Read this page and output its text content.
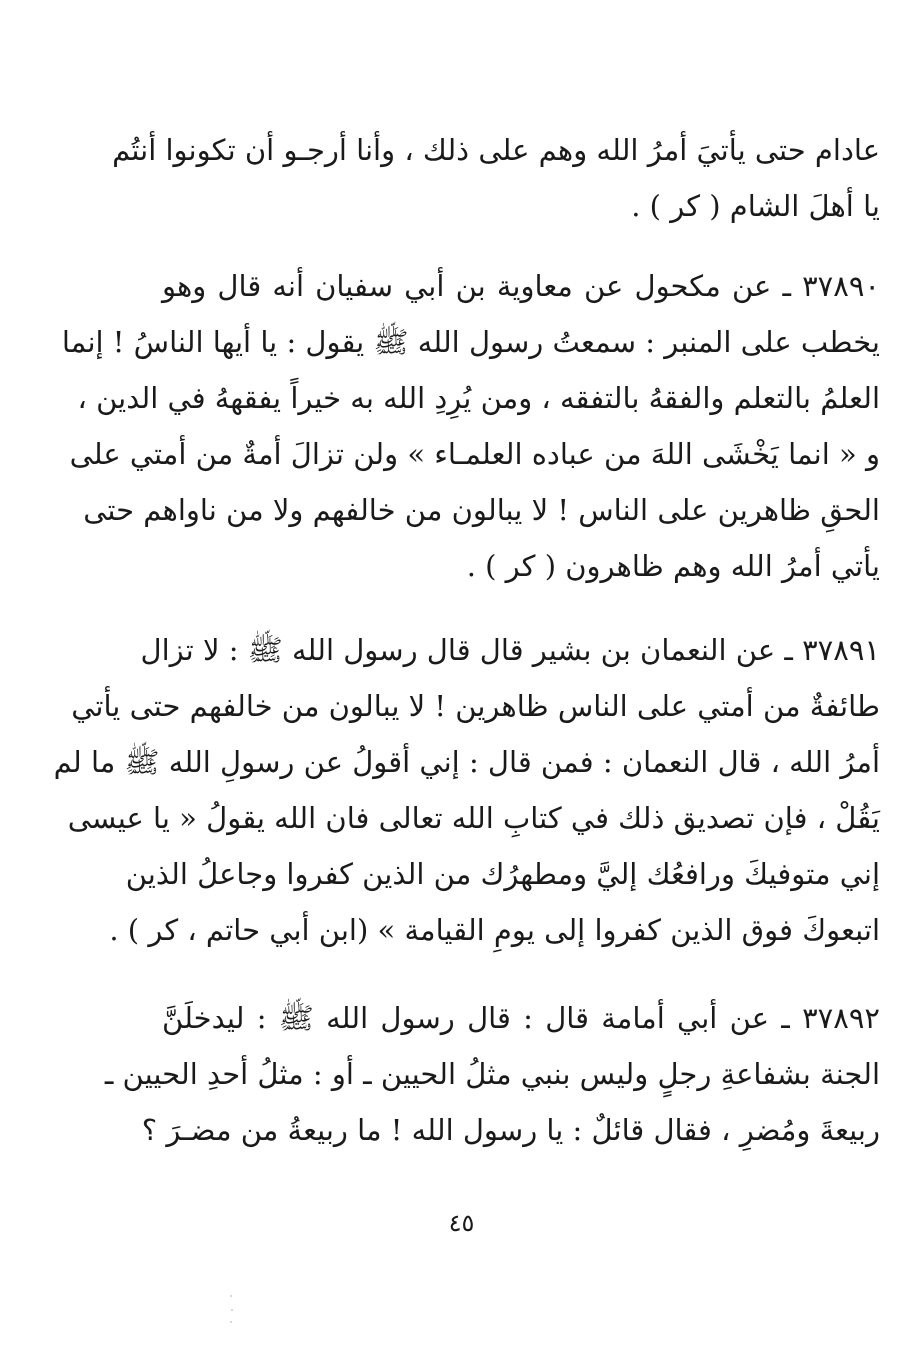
عادام حتى يأتيَ أمرُ الله وهم على ذلك ، وأنا أرجـو أن تكونوا أنتُم
يا أهلَ الشام ( كر ) .
٣٧٨٩٠ ـ عن مكحول عن معاوية بن أبي سفيان أنه قال وهو
يخطب على المنبر : سمعتُ رسول الله ﷺ يقول : يا أيها الناسُ ! إنما
العلمُ بالتعلم والفقهُ بالتفقه ، ومن يُرِدِ الله به خيراً يفقههُ في الدين ،
و « انما يَخْشَى اللهَ من عباده العلمـاء » ولن تزالَ أمةٌ من أمتي على
الحقِ ظاهرين على الناس ! لا يبالون من خالفهم ولا من ناواهم حتى
يأتي أمرُ الله وهم ظاهرون ( كر ) .
٣٧٨٩١ ـ عن النعمان بن بشير قال قال رسول الله ﷺ : لا تزال
طائفةٌ من أمتي على الناس ظاهرين ! لا يبالون من خالفهم حتى يأتي
أمرُ الله ، قال النعمان : فمن قال : إني أقولُ عن رسولِ الله ﷺ ما لم
يَقُلْ ، فإن تصديق ذلك في كتابِ الله تعالى فان الله يقولُ « يا عيسى
إني متوفيكَ ورافعُك إليَّ ومطهرُك من الذين كفروا وجاعلُ الذين
اتبعوكَ فوق الذين كفروا إلى يومِ القيامة » (ابن أبي حاتم ، كر ) .
٣٧٨٩٢ ـ عن أبي أمامة قال : قال رسول الله ﷺ : ليدخلَنَّ
الجنة بشفاعةِ رجلٍ وليس بنبي مثلُ الحيين ـ أو : مثلُ أحدِ الحيين ـ
ربيعةَ ومُضرِ ، فقال قائلٌ : يا رسول الله ! ما ربيعةُ من مضـرَ ؟
٤٥
